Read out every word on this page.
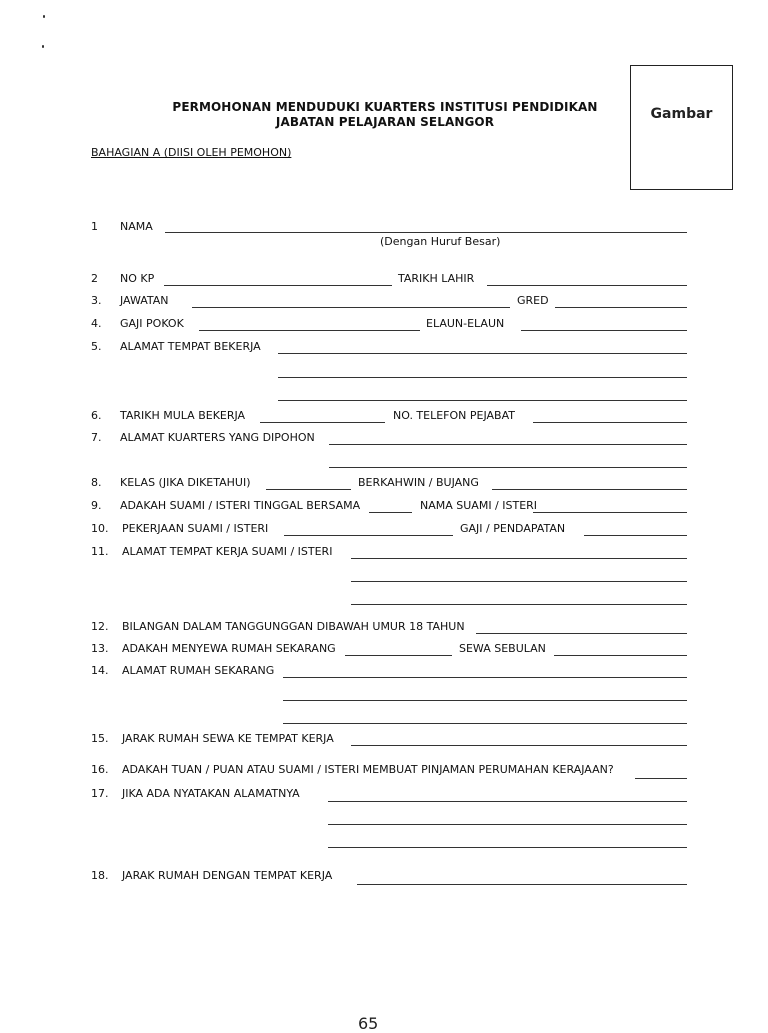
Gambar
PERMOHONAN MENDUDUKI KUARTERS INSTITUSI PENDIDIKAN
JABATAN PELAJARAN SELANGOR
BAHAGIAN A (DIISI OLEH PEMOHON)
1 NAMA
(Dengan Huruf Besar)
2 NO KP	TARIKH LAHIR
3. JAWATAN	GRED
4. GAJI POKOK	ELAUN-ELAUN
5. ALAMAT TEMPAT BEKERJA
6. TARIKH MULA BEKERJA	NO. TELEFON PEJABAT
7. ALAMAT KUARTERS YANG DIPOHON
8. KELAS (JIKA DIKETAHUI)	BERKAHWIN / BUJANG
9. ADAKAH SUAMI / ISTERI TINGGAL BERSAMA	NAMA SUAMI / ISTERI
10. PEKERJAAN SUAMI / ISTERI	GAJI / PENDAPATAN
11. ALAMAT TEMPAT KERJA SUAMI / ISTERI
12. BILANGAN DALAM TANGGUNGGAN DIBAWAH UMUR 18 TAHUN
13. ADAKAH MENYEWA RUMAH SEKARANG	SEWA SEBULAN
14. ALAMAT RUMAH SEKARANG
15. JARAK RUMAH SEWA KE TEMPAT KERJA
16. ADAKAH TUAN / PUAN ATAU SUAMI / ISTERI MEMBUAT PINJAMAN PERUMAHAN KERAJAAN?
17. JIKA ADA NYATAKAN ALAMATNYA
18. JARAK RUMAH DENGAN TEMPAT KERJA
65
